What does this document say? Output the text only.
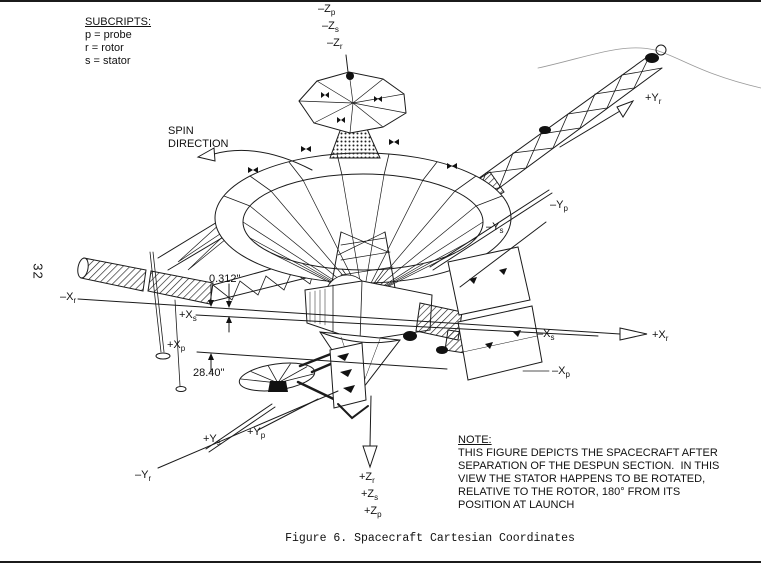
32
SUBCRIPTS:
p = probe
r = rotor
s = stator
SPIN
DIRECTION
$-Z_p$
$-Z_s$
$-Z_r$
$+Y_r$
$-Y_p$
$-Y_s$
$-X_r$
$+X_s$
$+X_p$
$-X_s$	$+X_r$
$-X_p$
$+Y_s$
$+Y_p$
$-Y_r$	$+Z_r$
$+Z_s$
$+Z_p$
0.312"
28.40"
NOTE:
THIS FIGURE DEPICTS THE SPACECRAFT AFTER
SEPARATION OF THE DESPUN SECTION.  IN THIS
VIEW THE STATOR HAPPENS TO BE ROTATED,
RELATIVE TO THE ROTOR, 180° FROM ITS
POSITION AT LAUNCH
Figure 6. Spacecraft Cartesian Coordinates
